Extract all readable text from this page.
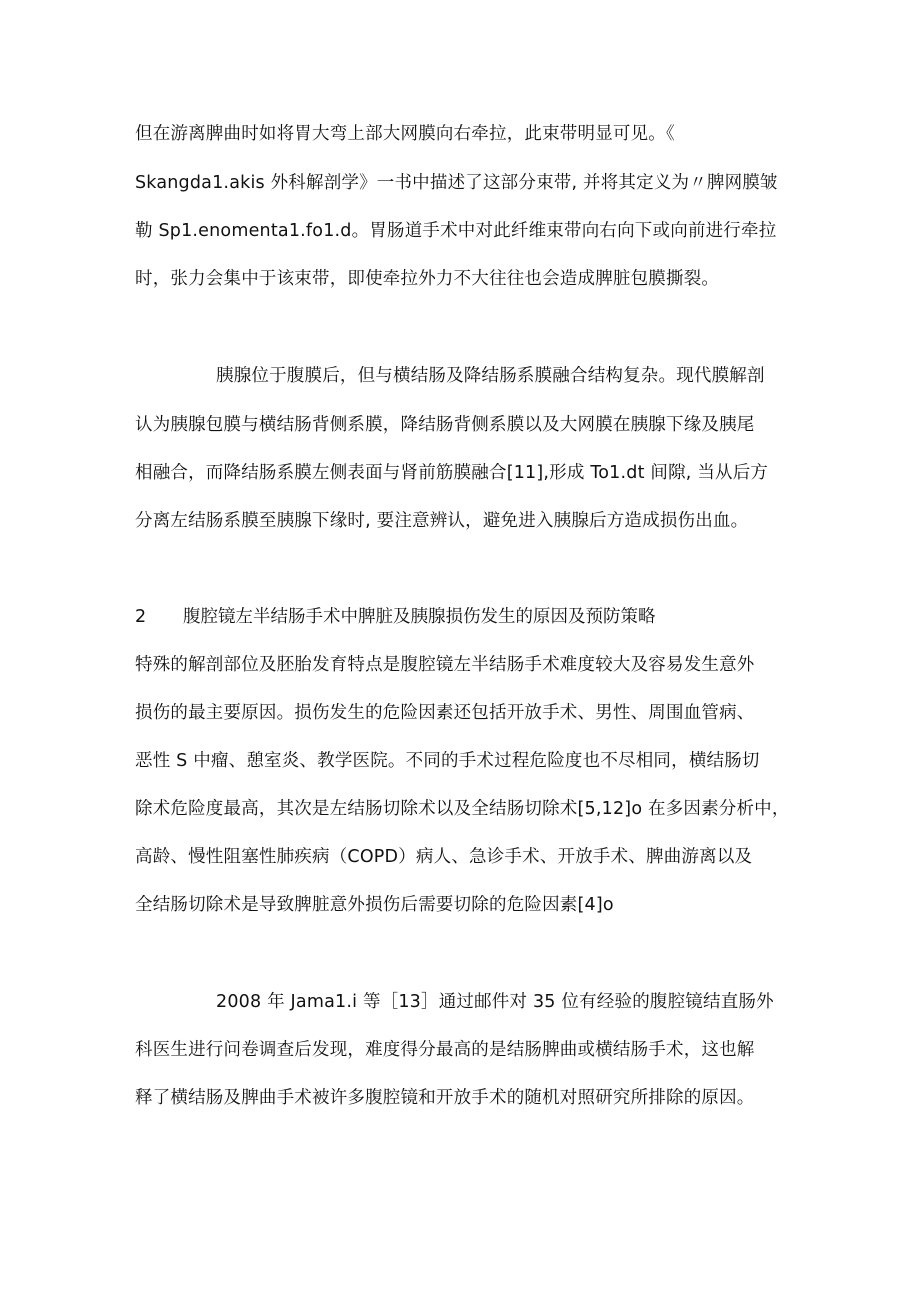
但在游离脾曲时如将胃大弯上部大网膜向右牵拉，此束带明显可见。《
Skangda1.akis 外科解剖学》一书中描述了这部分束带, 并将其定义为〃脾网膜皱
勒 Sp1.enomenta1.fo1.d。胃肠道手术中对此纤维束带向右向下或向前进行牵拉
时，张力会集中于该束带，即使牵拉外力不大往往也会造成脾脏包膜撕裂。
胰腺位于腹膜后，但与横结肠及降结肠系膜融合结构复杂。现代膜解剖
认为胰腺包膜与横结肠背侧系膜，降结肠背侧系膜以及大网膜在胰腺下缘及胰尾
相融合，而降结肠系膜左侧表面与肾前筋膜融合[11],形成 To1.dt 间隙, 当从后方
分离左结肠系膜至胰腺下缘时, 要注意辨认，避免进入胰腺后方造成损伤出血。
2 腹腔镜左半结肠手术中脾脏及胰腺损伤发生的原因及预防策略
特殊的解剖部位及胚胎发育特点是腹腔镜左半结肠手术难度较大及容易发生意外
损伤的最主要原因。损伤发生的危险因素还包括开放手术、男性、周围血管病、
恶性 S 中瘤、憩室炎、教学医院。不同的手术过程危险度也不尽相同，横结肠切
除术危险度最高，其次是左结肠切除术以及全结肠切除术[5,12]o 在多因素分析中，
高龄、慢性阻塞性肺疾病（COPD）病人、急诊手术、开放手术、脾曲游离以及
全结肠切除术是导致脾脏意外损伤后需要切除的危险因素[4]o
2008 年 Jama1.i 等［13］通过邮件对 35 位有经验的腹腔镜结直肠外
科医生进行问卷调查后发现，难度得分最高的是结肠脾曲或横结肠手术，这也解
释了横结肠及脾曲手术被许多腹腔镜和开放手术的随机对照研究所排除的原因。
